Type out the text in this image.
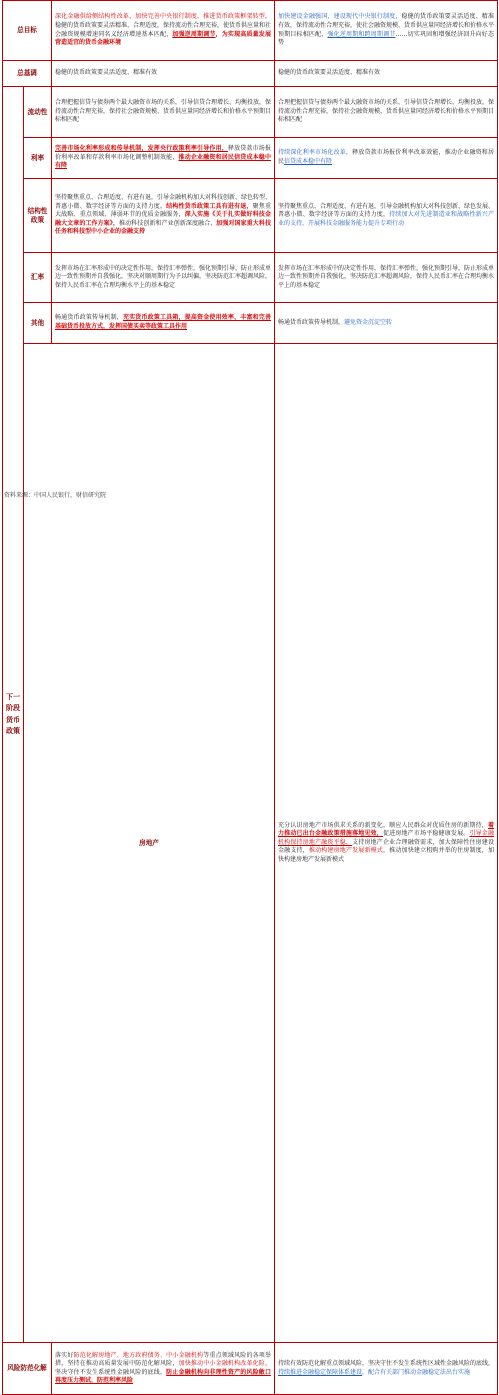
总目标		深化金融供给侧结构性改革，加快完善中央银行制度，推进货币政策框架转型，稳健的货币政策要灵活精准、合理适度，保持流动性合理充裕，使货币供应量和社会融资规模增速同名义经济增速基本匹配，加强逆周期调节，为实现高质量发展营造适宜的货币金融环境	加快建设金融强国，建设现代中央银行制度，稳健的货币政策要灵活适度、精准有效，保持流动性合理充裕，使社会融资规模、货币供应量同经济增长和价格水平预期目标相匹配，强化逆周期和跨周期调节……切实巩固和增强经济回升向好态势	
总基调		稳健的货币政策要灵活适度、精准有效	稳健的货币政策要灵活适度、精准有效	
下一阶段货币政策	流动性	合理把握信贷与债券两个最大融资市场的关系，引导信贷合理增长、均衡投放，保持流动性合理充裕，保持社会融资规模、货币供应量同经济增长和价格水平预期目标相匹配	合理把握信贷与债券两个最大融资市场的关系，引导信贷合理增长、均衡投放，保持流动性合理充裕，保持社会融资规模、货币供应量同经济增长和价格水平预期目标相匹配	
	利率	完善市场化利率形成和传导机制，发挥央行政策利率引导作用，释放贷款市场报价利率改革和存款利率市场化调整机制效能，推动企业融资和居民信贷成本稳中有降	持续深化利率市场化改革，释放贷款市场报价利率改革效能，推动企业融资和居民信贷成本稳中有降	
	结构性政策	坚持聚焦重点、合理适度、有进有退，引导金融机构加大对科技创新、绿色转型、普惠小微、数字经济等方面的支持力度。结构性货币政策工具有进有退，聚焦重大战略、重点领域、薄弱环节的优质金融服务，深入实施《关于扎实做好科技金融大文章的工作方案》，推动科技创新和产业创新深度融合，加强对国家重大科技任务和科技型中小企业的金融支持	坚持聚焦重点、合理适度、有进有退，引导金融机构加大对科技创新、绿色发展、普惠小微、数字经济等方面的支持力度，持续加大对先进制造业和战略性新兴产业的支持，开展科技金融服务能力提升专项行动	
	汇率	发挥市场在汇率形成中的决定性作用，保持汇率弹性，强化预期引导，防止形成单边一致性预期并自我强化，坚决对顺周期行为予以纠偏，坚决防范汇率超调风险，保持人民币汇率在合理均衡水平上的基本稳定	发挥市场在汇率形成中的决定性作用，保持汇率弹性，强化预期引导，防止形成单边一致性预期并自我强化，坚决防范汇率超调风险，保持人民币汇率在合理均衡水平上的基本稳定	
	其他	畅通货币政策传导机制，充实货币政策工具箱，提高资金使用效率，丰富和完善基础货币投放方式，发挥国债买卖等政策工具作用	畅通货币政策传导机制，避免资金沉淀空转	
	房地产		充分认识房地产市场供求关系的新变化，顺应人民群众对优质住房的新期待，着力推动已出台金融政策措施落地见效，促进房地产市场平稳健康发展。引导金融机构保持房地产融资平稳，支持房地产企业合理融资需求，加大保障性住房建设金融支持，推动构建房地产发展新模式，推动加快建立租购并举的住房制度，加快构建房地产发展新模式	
风险防范化解		落实好防范化解房地产、地方政府债务、中小金融机构等重点领域风险的各项举措，坚持在推动高质量发展中防范化解风险，加快推动中小金融机构改革化险，坚决守住不发生系统性金融风险的底线，防止金融机构向非理性资产的风险敞口再度压力测试，防范利率风险	持续有效防范化解重点领域风险，坚决守住不发生系统性区域性金融风险的底线，持续推进金融稳定保障体系建设，配合有关部门推动金融稳定法出台实施	
资料来源：中国人民银行，财信研究院
